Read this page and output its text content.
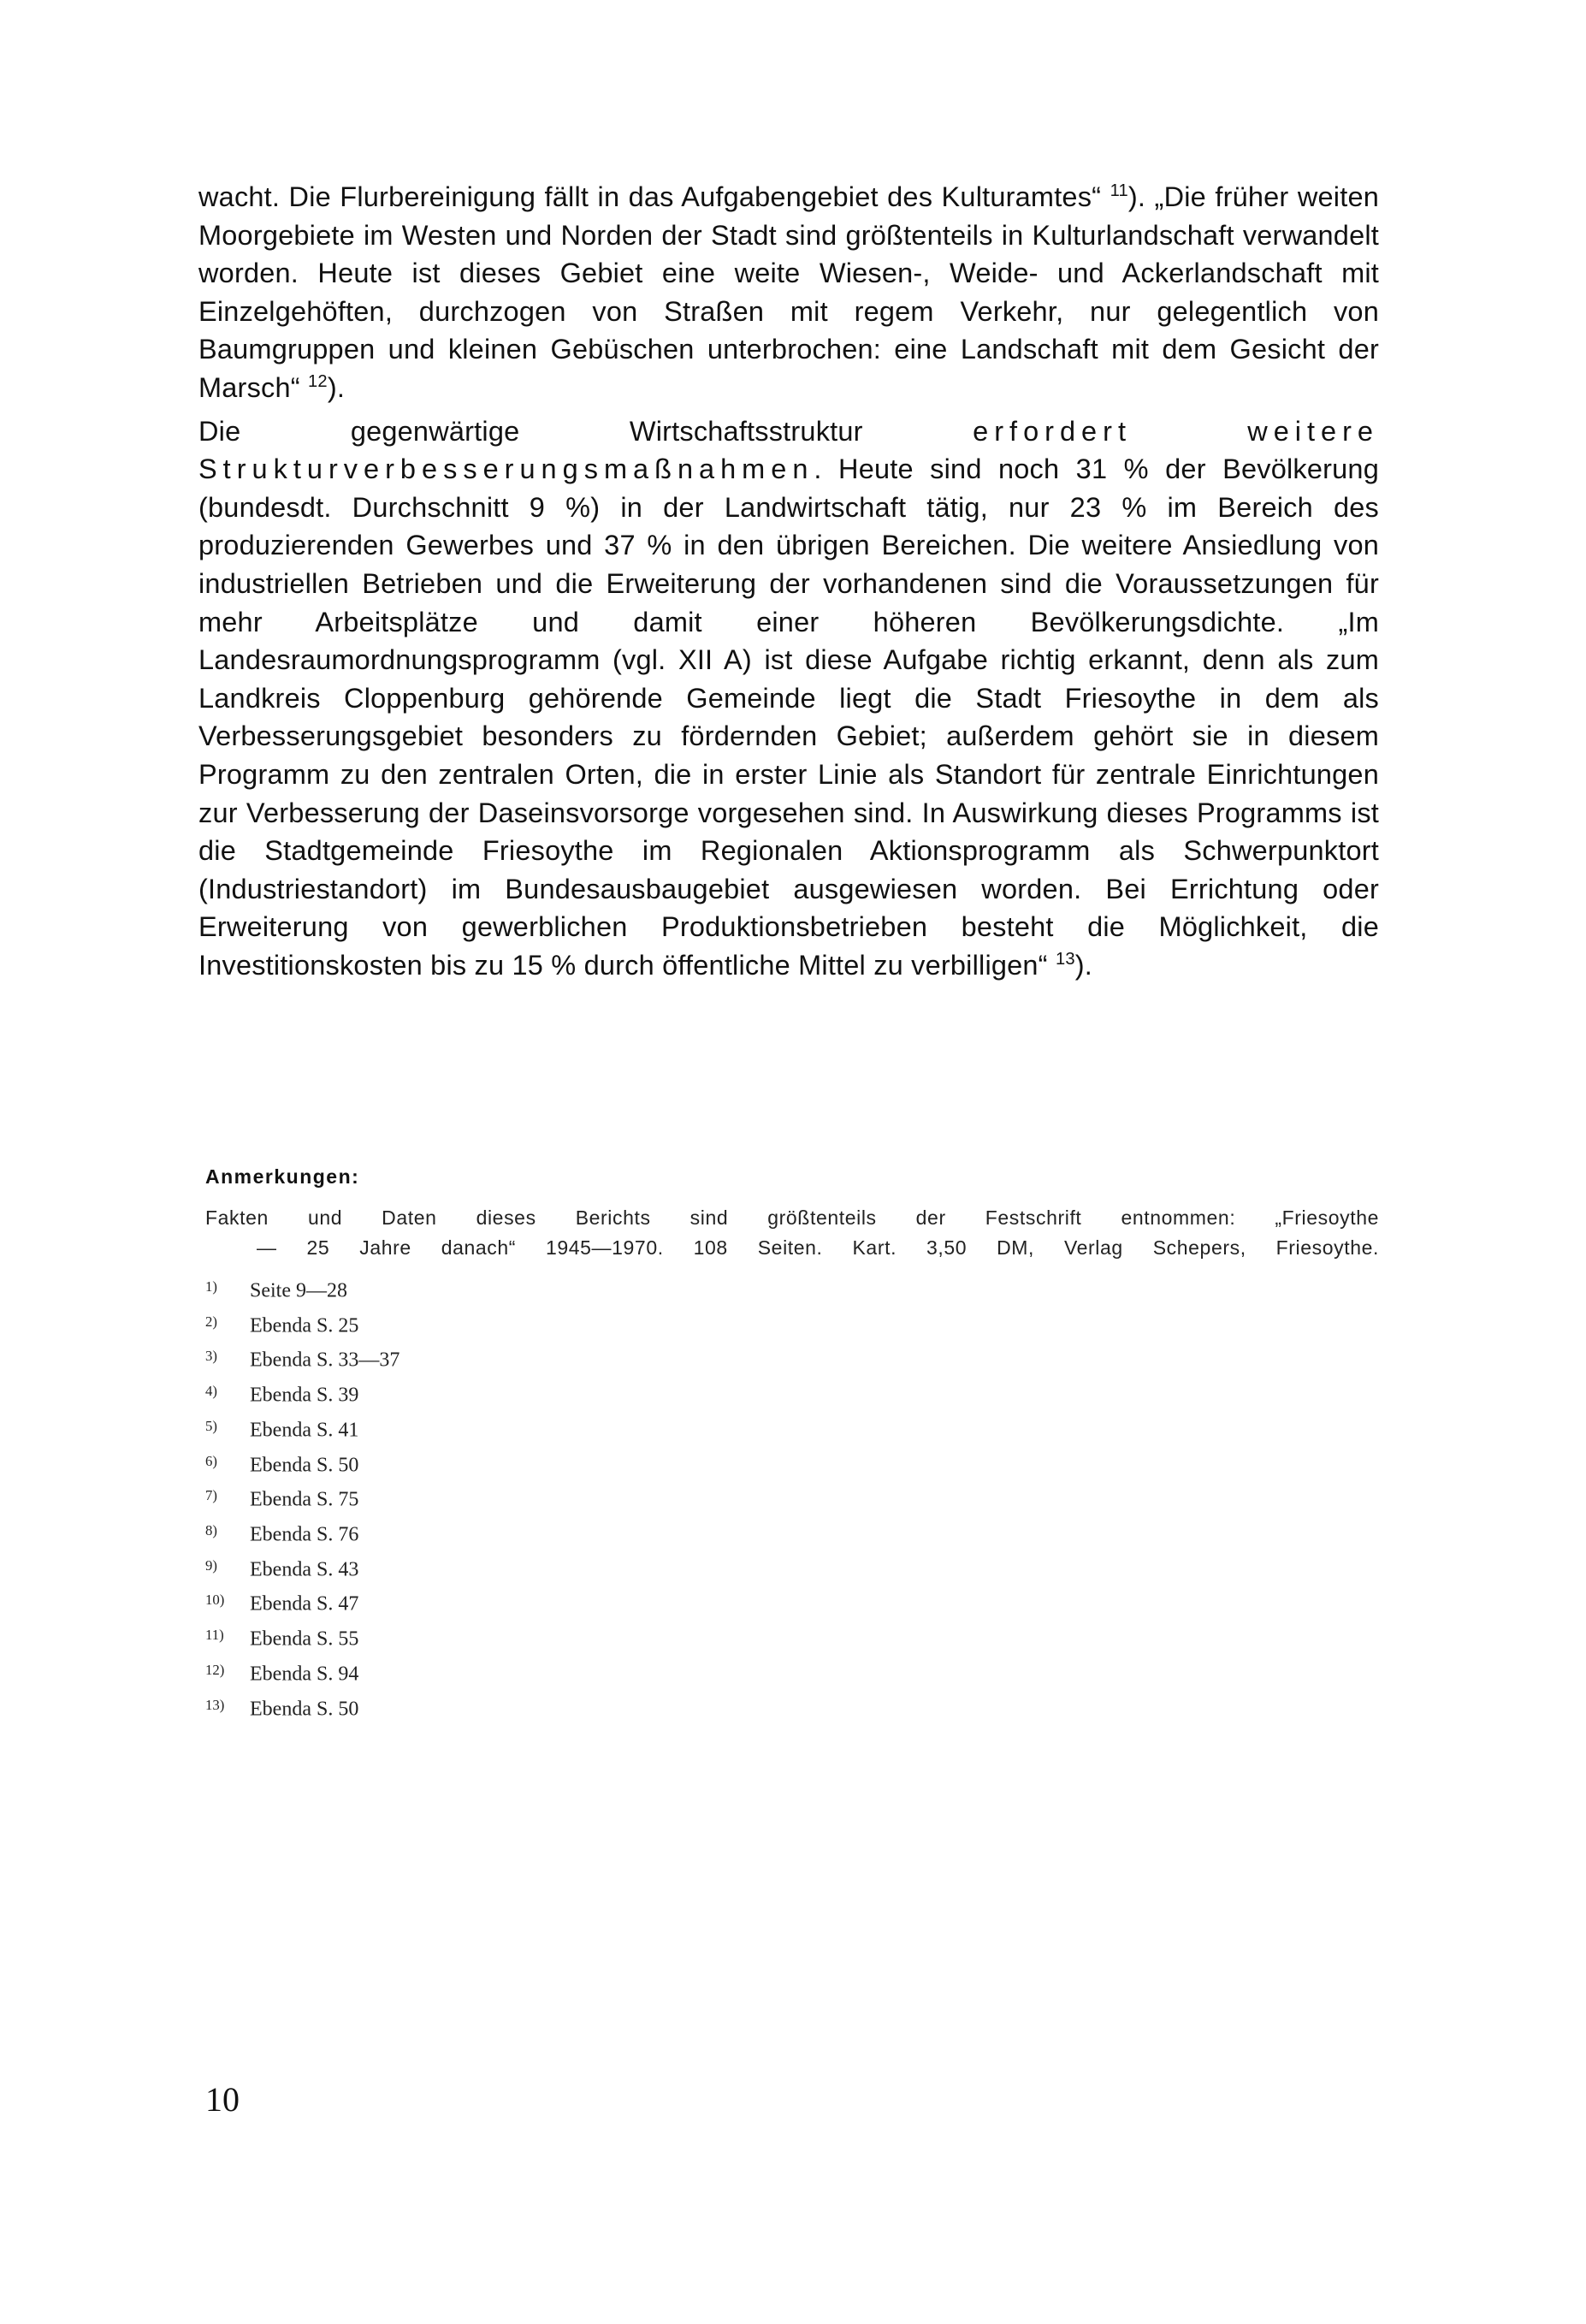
wacht. Die Flurbereinigung fällt in das Aufgabengebiet des Kulturamtes“ $^{11}$). „Die früher weiten Moorgebiete im Westen und Norden der Stadt sind größtenteils in Kulturlandschaft verwandelt worden. Heute ist dieses Gebiet eine weite Wiesen-, Weide- und Ackerlandschaft mit Einzelgehöften, durchzogen von Straßen mit regem Verkehr, nur gelegentlich von Baumgruppen und kleinen Gebüschen unterbrochen: eine Landschaft mit dem Gesicht der Marsch“ $^{12}$).

Die gegenwärtige Wirtschaftsstruktur erfordert weitere Strukturverbesserungsmaßnahmen. Heute sind noch 31 % der Bevölkerung (bundesdt. Durchschnitt 9 %) in der Landwirtschaft tätig, nur 23 % im Bereich des produzierenden Gewerbes und 37 % in den übrigen Bereichen. Die weitere Ansiedlung von industriellen Betrieben und die Erweiterung der vorhandenen sind die Voraussetzungen für mehr Arbeitsplätze und damit einer höheren Bevölkerungsdichte. „Im Landesraumordnungsprogramm (vgl. XII A) ist diese Aufgabe richtig erkannt, denn als zum Landkreis Cloppenburg gehörende Gemeinde liegt die Stadt Friesoythe in dem als Verbesserungsgebiet besonders zu fördernden Gebiet; außerdem gehört sie in diesem Programm zu den zentralen Orten, die in erster Linie als Standort für zentrale Einrichtungen zur Verbesserung der Daseinsvorsorge vorgesehen sind. In Auswirkung dieses Programms ist die Stadtgemeinde Friesoythe im Regionalen Aktionsprogramm als Schwerpunktort (Industriestandort) im Bundesausbaugebiet ausgewiesen worden. Bei Errichtung oder Erweiterung von gewerblichen Produktionsbetrieben besteht die Möglichkeit, die Investitionskosten bis zu 15 % durch öffentliche Mittel zu verbilligen“ $^{13}$).

Anmerkungen:
Fakten und Daten dieses Berichts sind größtenteils der Festschrift entnommen: „Friesoythe
— 25 Jahre danach“ 1945—1970. 108 Seiten. Kart. 3,50 DM, Verlag Schepers, Friesoythe.
1) Seite 9—28
2) Ebenda S. 25
3) Ebenda S. 33—37
4) Ebenda S. 39
5) Ebenda S. 41
6) Ebenda S. 50
7) Ebenda S. 75
8) Ebenda S. 76
9) Ebenda S. 43
10) Ebenda S. 47
11) Ebenda S. 55
12) Ebenda S. 94
13) Ebenda S. 50
10
